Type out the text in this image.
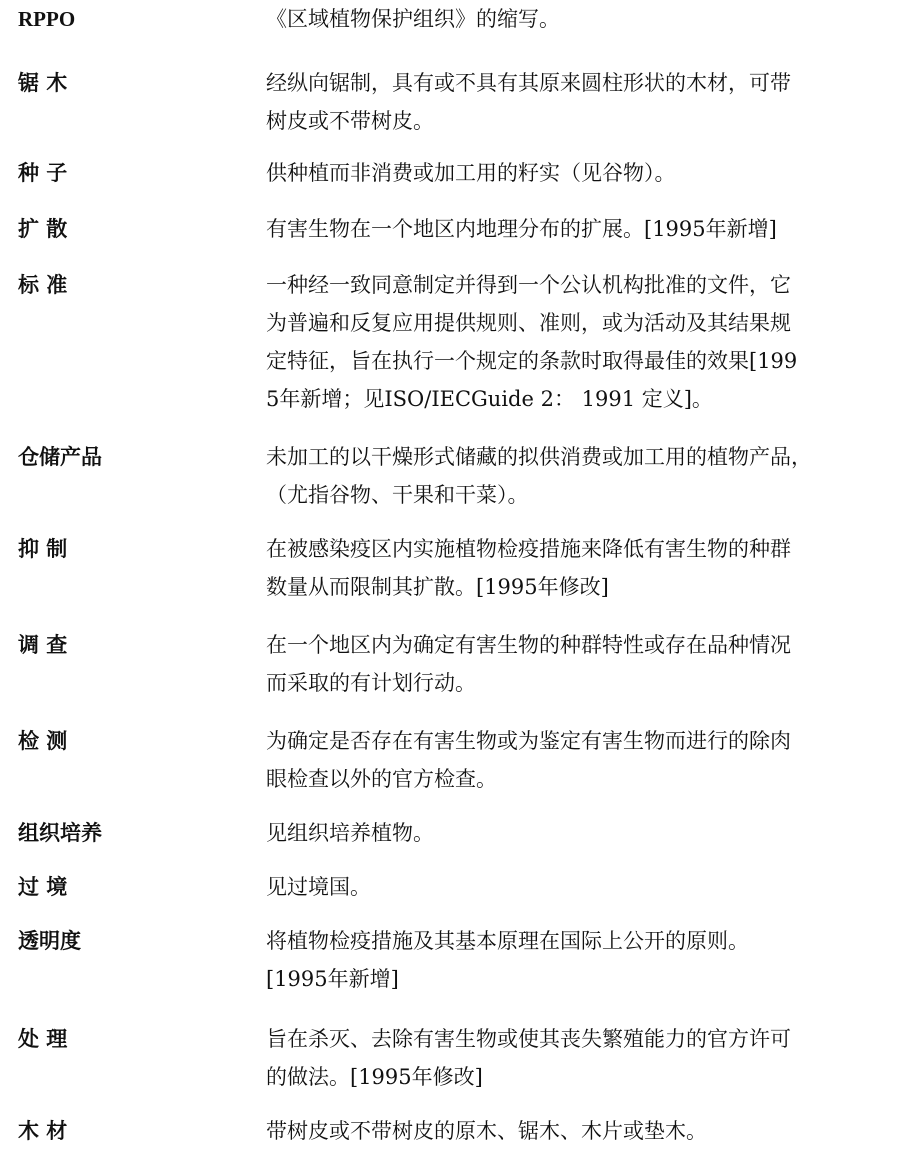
RPPO	《区域植物保护组织》的缩写。
锯 木	经纵向锯制，具有或不具有其原来圆柱形状的木材，可带
树皮或不带树皮。
种 子	供种植而非消费或加工用的籽实（见谷物）。
扩 散	有害生物在一个地区内地理分布的扩展。[1995年新增]
标 准	一种经一致同意制定并得到一个公认机构批准的文件，它
为普遍和反复应用提供规则、准则，或为活动及其结果规
定特征，旨在执行一个规定的条款时取得最佳的效果[199
5年新增；见ISO/IECGuide 2： 1991 定义]。
仓储产品	未加工的以干燥形式储藏的拟供消费或加工用的植物产品，
（尤指谷物、干果和干菜）。
抑 制	在被感染疫区内实施植物检疫措施来降低有害生物的种群
数量从而限制其扩散。[1995年修改]
调 查	在一个地区内为确定有害生物的种群特性或存在品种情况
而采取的有计划行动。
检 测	为确定是否存在有害生物或为鉴定有害生物而进行的除肉
眼检查以外的官方检查。
组织培养	见组织培养植物。
过 境	见过境国。
透明度	将植物检疫措施及其基本原理在国际上公开的原则。
[1995年新增]
处 理	旨在杀灭、去除有害生物或使其丧失繁殖能力的官方许可
的做法。[1995年修改]
木 材	带树皮或不带树皮的原木、锯木、木片或垫木。
